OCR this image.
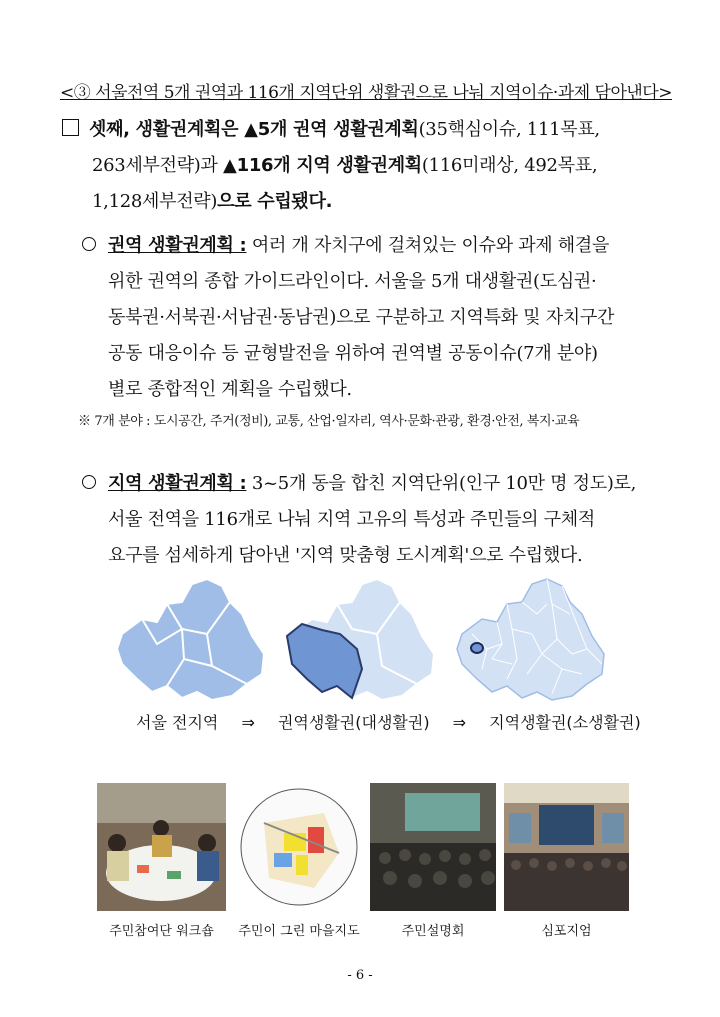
<③ 서울전역 5개 권역과 116개 지역단위 생활권으로 나눠 지역이슈·과제 담아낸다>

셋째, 생활권계획은 ▲5개 권역 생활권계획(35핵심이슈, 111목표,

263세부전략)과 ▲116개 지역 생활권계획(116미래상, 492목표,

1,128세부전략)으로 수립됐다.

권역 생활권계획 : 여러 개 자치구에 걸쳐있는 이슈와 과제 해결을

위한 권역의 종합 가이드라인이다. 서울을 5개 대생활권(도심권·

동북권·서북권·서남권·동남권)으로 구분하고 지역특화 및 자치구간

공동 대응이슈 등 균형발전을 위하여 권역별 공동이슈(7개 분야)

별로 종합적인 계획을 수립했다.

※ 7개 분야 : 도시공간, 주거(정비), 교통, 산업·일자리, 역사·문화·관광, 환경·안전, 복지·교육

지역 생활권계획 : 3~5개 동을 합친 지역단위(인구 10만 명 정도)로,

서울 전역을 116개로 나눠 지역 고유의 특성과 주민들의 구체적

요구를 섬세하게 담아낸 '지역 맞춤형 도시계획'으로 수립했다.

서울 전지역 ⇒ 권역생활권(대생활권) ⇒ 지역생활권(소생활권)
주민참여단 워크숍	주민이 그린 마을지도	주민설명회	심포지엄
- 6 -
